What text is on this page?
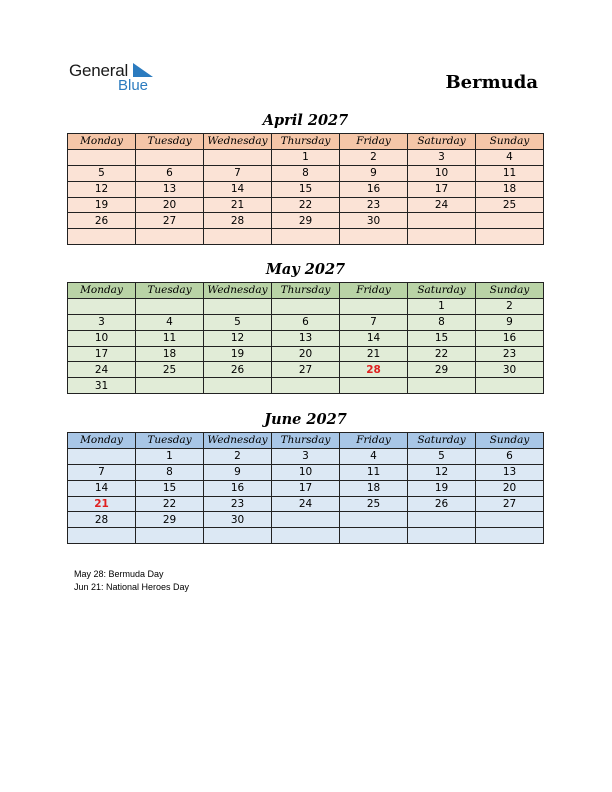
General
Blue	Bermuda
April 2027
Monday	Tuesday	Wednesday	Thursday	Friday	Saturday	Sunday
			1	2	3	4
5	6	7	8	9	10	11
12	13	14	15	16	17	18
19	20	21	22	23	24	25
26	27	28	29	30		

May 2027
Monday	Tuesday	Wednesday	Thursday	Friday	Saturday	Sunday
					1	2
3	4	5	6	7	8	9
10	11	12	13	14	15	16
17	18	19	20	21	22	23
24	25	26	27	28	29	30
31						
June 2027
Monday	Tuesday	Wednesday	Thursday	Friday	Saturday	Sunday
	1	2	3	4	5	6
7	8	9	10	11	12	13
14	15	16	17	18	19	20
21	22	23	24	25	26	27
28	29	30				

May 28: Bermuda Day
Jun 21: National Heroes Day
